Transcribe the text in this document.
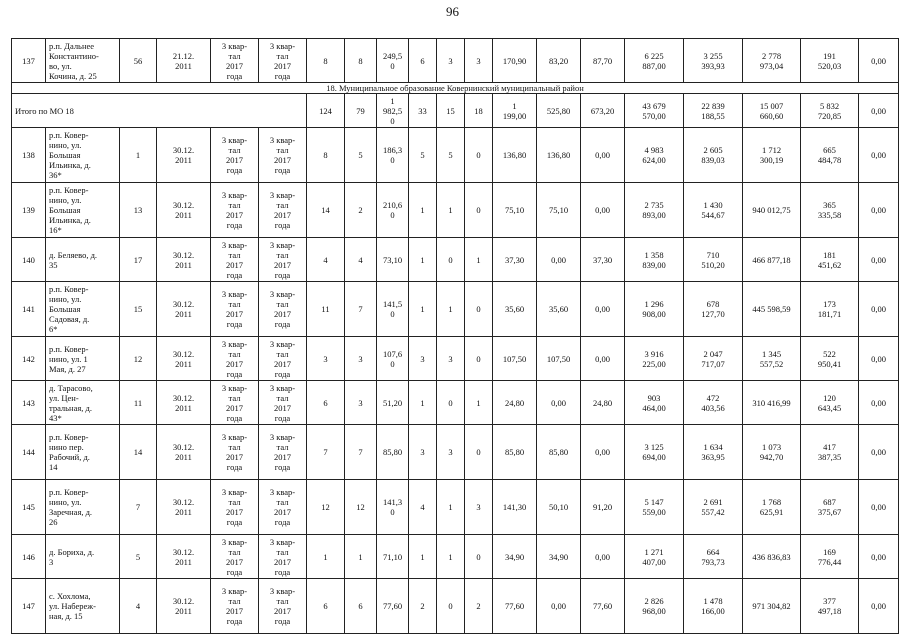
96
137	р.п. Дальнее
Константино-
во, ул.
Кочина, д. 25	56	21.12.
2011	3 квар-
тал
2017
года	3 квар-
тал
2017
года	8	8	249,5
0	6	3	3	170,90	83,20	87,70	6 225
887,00	3 255
393,93	2 778
973,04	191
520,03	0,00
18. Муниципальное образование Ковернинский муниципальный район																			
Итого по МО 18						124	79	1
982,5
0	33	15	18	1
199,00	525,80	673,20	43 679
570,00	22 839
188,55	15 007
660,60	5 832
720,85	0,00
138	р.п. Ковер-
нино, ул.
Большая
Ильинка, д.
36*	1	30.12.
2011	3 квар-
тал
2017
года	3 квар-
тал
2017
года	8	5	186,3
0	5	5	0	136,80	136,80	0,00	4 983
624,00	2 605
839,03	1 712
300,19	665
484,78	0,00
139	р.п. Ковер-
нино, ул.
Большая
Ильинка, д.
16*	13	30.12.
2011	3 квар-
тал
2017
года	3 квар-
тал
2017
года	14	2	210,6
0	1	1	0	75,10	75,10	0,00	2 735
893,00	1 430
544,67	940 012,75	365
335,58	0,00
140	д. Беляево, д.
35	17	30.12.
2011	3 квар-
тал
2017
года	3 квар-
тал
2017
года	4	4	73,10	1	0	1	37,30	0,00	37,30	1 358
839,00	710
510,20	466 877,18	181
451,62	0,00
141	р.п. Ковер-
нино, ул.
Большая
Садовая, д.
6*	15	30.12.
2011	3 квар-
тал
2017
года	3 квар-
тал
2017
года	11	7	141,5
0	1	1	0	35,60	35,60	0,00	1 296
908,00	678
127,70	445 598,59	173
181,71	0,00
142	р.п. Ковер-
нино, ул. 1
Мая, д. 27	12	30.12.
2011	3 квар-
тал
2017
года	3 квар-
тал
2017
года	3	3	107,6
0	3	3	0	107,50	107,50	0,00	3 916
225,00	2 047
717,07	1 345
557,52	522
950,41	0,00
143	д. Тарасово,
ул. Цен-
тральная, д.
43*	11	30.12.
2011	3 квар-
тал
2017
года	3 квар-
тал
2017
года	6	3	51,20	1	0	1	24,80	0,00	24,80	903
464,00	472
403,56	310 416,99	120
643,45	0,00
144	р.п. Ковер-
нино пер.
Рабочий, д.
14	14	30.12.
2011	3 квар-
тал
2017
года	3 квар-
тал
2017
года	7	7	85,80	3	3	0	85,80	85,80	0,00	3 125
694,00	1 634
363,95	1 073
942,70	417
387,35	0,00
145	р.п. Ковер-
нино, ул.
Заречная, д.
26	7	30.12.
2011	3 квар-
тал
2017
года	3 квар-
тал
2017
года	12	12	141,3
0	4	1	3	141,30	50,10	91,20	5 147
559,00	2 691
557,42	1 768
625,91	687
375,67	0,00
146	д. Бориха, д.
3	5	30.12.
2011	3 квар-
тал
2017
года	3 квар-
тал
2017
года	1	1	71,10	1	1	0	34,90	34,90	0,00	1 271
407,00	664
793,73	436 836,83	169
776,44	0,00
147	с. Хохлома,
ул. Набереж-
ная, д. 15	4	30.12.
2011	3 квар-
тал
2017
года	3 квар-
тал
2017
года	6	6	77,60	2	0	2	77,60	0,00	77,60	2 826
968,00	1 478
166,00	971 304,82	377
497,18	0,00
